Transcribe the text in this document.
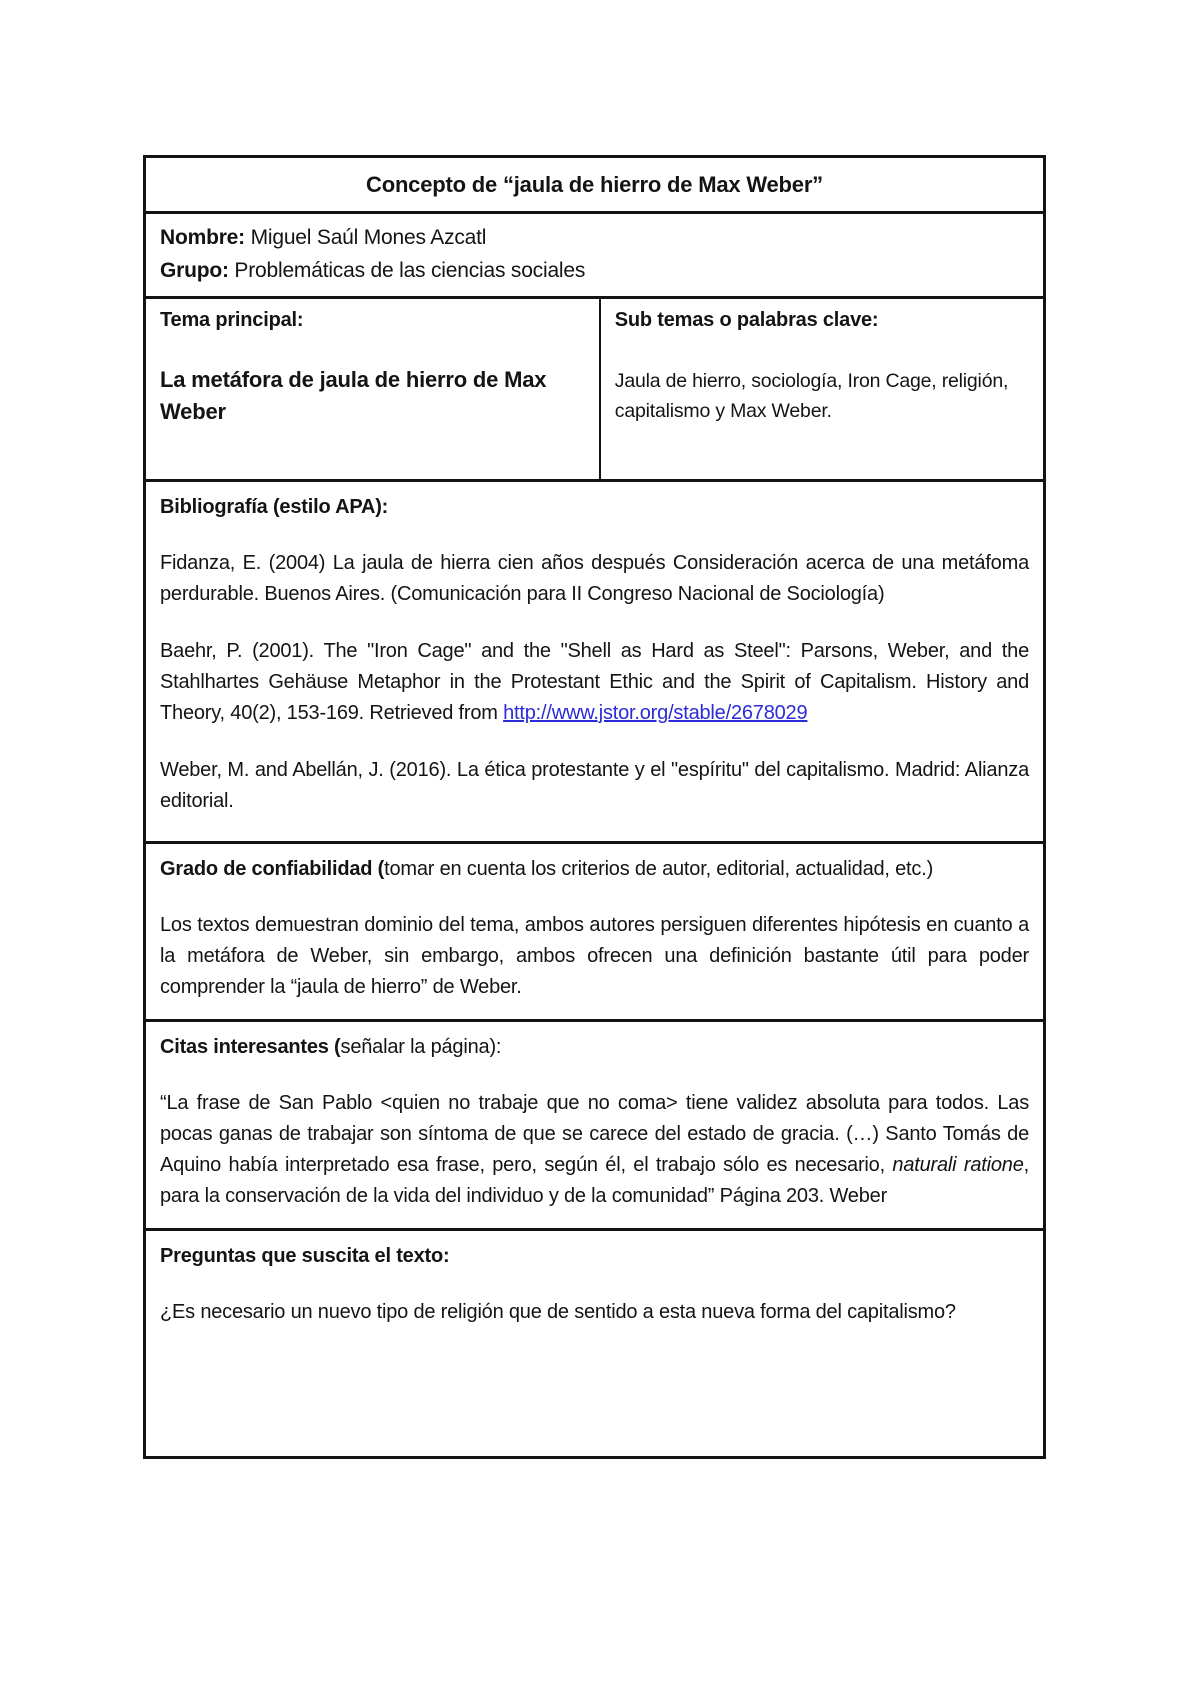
Concepto de “jaula de hierro de Max Weber”

Nombre: Miguel Saúl Mones Azcatl

Grupo: Problemáticas de las ciencias sociales

Tema principal:

La metáfora de jaula de hierro de Max Weber

Sub temas o palabras clave:

Jaula de hierro, sociología, Iron Cage, religión, capitalismo y Max Weber.

Bibliografía (estilo APA):

Fidanza, E. (2004) La jaula de hierra cien años después Consideración acerca de una metáfoma perdurable. Buenos Aires. (Comunicación para II Congreso Nacional de Sociología)

Baehr, P. (2001). The "Iron Cage" and the "Shell as Hard as Steel": Parsons, Weber, and the Stahlhartes Gehäuse Metaphor in the Protestant Ethic and the Spirit of Capitalism. History and Theory, 40(2), 153-169. Retrieved from http://www.jstor.org/stable/2678029

Weber, M. and Abellán, J. (2016). La ética protestante y el "espíritu" del capitalismo. Madrid: Alianza editorial.

Grado de confiabilidad (tomar en cuenta los criterios de autor, editorial, actualidad, etc.)

Los textos demuestran dominio del tema, ambos autores persiguen diferentes hipótesis en cuanto a la metáfora de Weber, sin embargo, ambos ofrecen una definición bastante útil para poder comprender la “jaula de hierro” de Weber.

Citas interesantes (señalar la página):

“La frase de San Pablo <quien no trabaje que no coma> tiene validez absoluta para todos. Las pocas ganas de trabajar son síntoma de que se carece del estado de gracia. (…) Santo Tomás de Aquino había interpretado esa frase, pero, según él, el trabajo sólo es necesario, naturali ratione, para la conservación de la vida del individuo y de la comunidad” Página 203. Weber

Preguntas que suscita el texto:

¿Es necesario un nuevo tipo de religión que de sentido a esta nueva forma del capitalismo?
